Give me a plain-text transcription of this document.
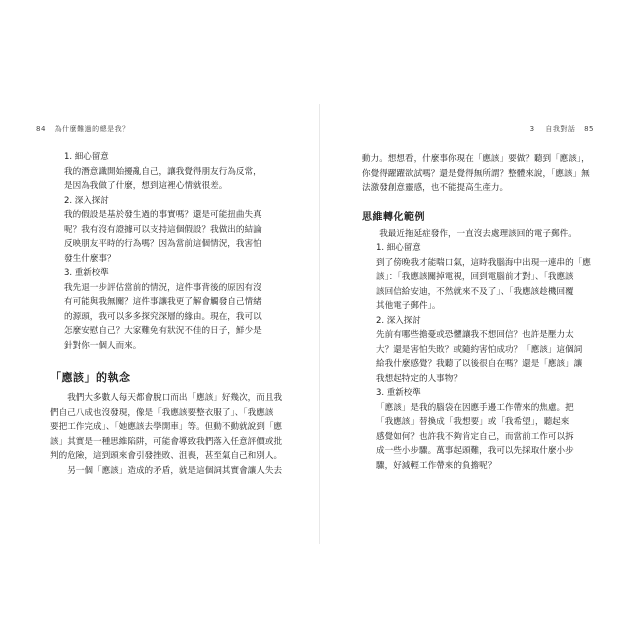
84 為什麼難過的總是我？
1. 細心留意
我的潛意識開始擾亂自己，讓我覺得朋友行為反常，
是因為我做了什麼，想到這裡心情就很差。
2. 深入探討
我的假設是基於發生過的事實嗎？還是可能扭曲失真
呢？我有沒有證據可以支持這個假設？我做出的結論
反映朋友平時的行為嗎？因為當前這個情況，我害怕
發生什麼事？
3. 重新校準
我先退一步評估當前的情況，這件事背後的原因有沒
有可能與我無關？這件事讓我更了解會觸發自己情緒
的源頭，我可以多多探究深層的緣由。現在，我可以
怎麼安慰自己？大家難免有狀況不佳的日子，鮮少是
針對你一個人而來。
「應該」的執念
我們大多數人每天都會脫口而出「應該」好幾次，而且我
們自己八成也沒發現，像是「我應該要整衣服了」、「我應該
要把工作完成」、「她應該去學開車」等。但動不動就說到「應
該」其實是一種思維陷阱，可能會導致我們落入任意評價或批
判的危險，這到頭來會引發挫敗、沮喪，甚至氣自己和別人。
另一個「應該」造成的矛盾，就是這個詞其實會讓人失去
3 自我對話 85
動力。想想看，什麼事你現在「應該」要做？聽到「應該」，
你覺得躍躍欲試嗎？還是覺得無所謂？整體來說，「應該」無
法激發創意靈感，也不能提高生產力。
思維轉化範例
我最近拖延症發作，一直沒去處理該回的電子郵件。
1. 細心留意
到了傍晚我才能喘口氣，這時我腦海中出現一連串的「應
該」：「我應該關掉電視，回到電腦前才對」、「我應該
該回信給安迪，不然就來不及了」、「我應該趁機回覆
其他電子郵件」。
2. 深入探討
先前有哪些擔憂或恐懼讓我不想回信？也許是壓力太
大？還是害怕失敗？或隨約害怕成功？「應該」這個詞
給我什麼感覺？我聽了以後很自在嗎？還是「應該」讓
我想起特定的人事物？
3. 重新校準
「應該」是我的腦袋在因應手邊工作帶來的焦慮。把
「我應該」替換成「我想要」或「我希望」，聽起來
感覺如何？也許我不夠肯定自己，而當前工作可以拆
成一些小步驟。萬事起頭難，我可以先採取什麼小步
驟，好減輕工作帶來的負擔呢？
